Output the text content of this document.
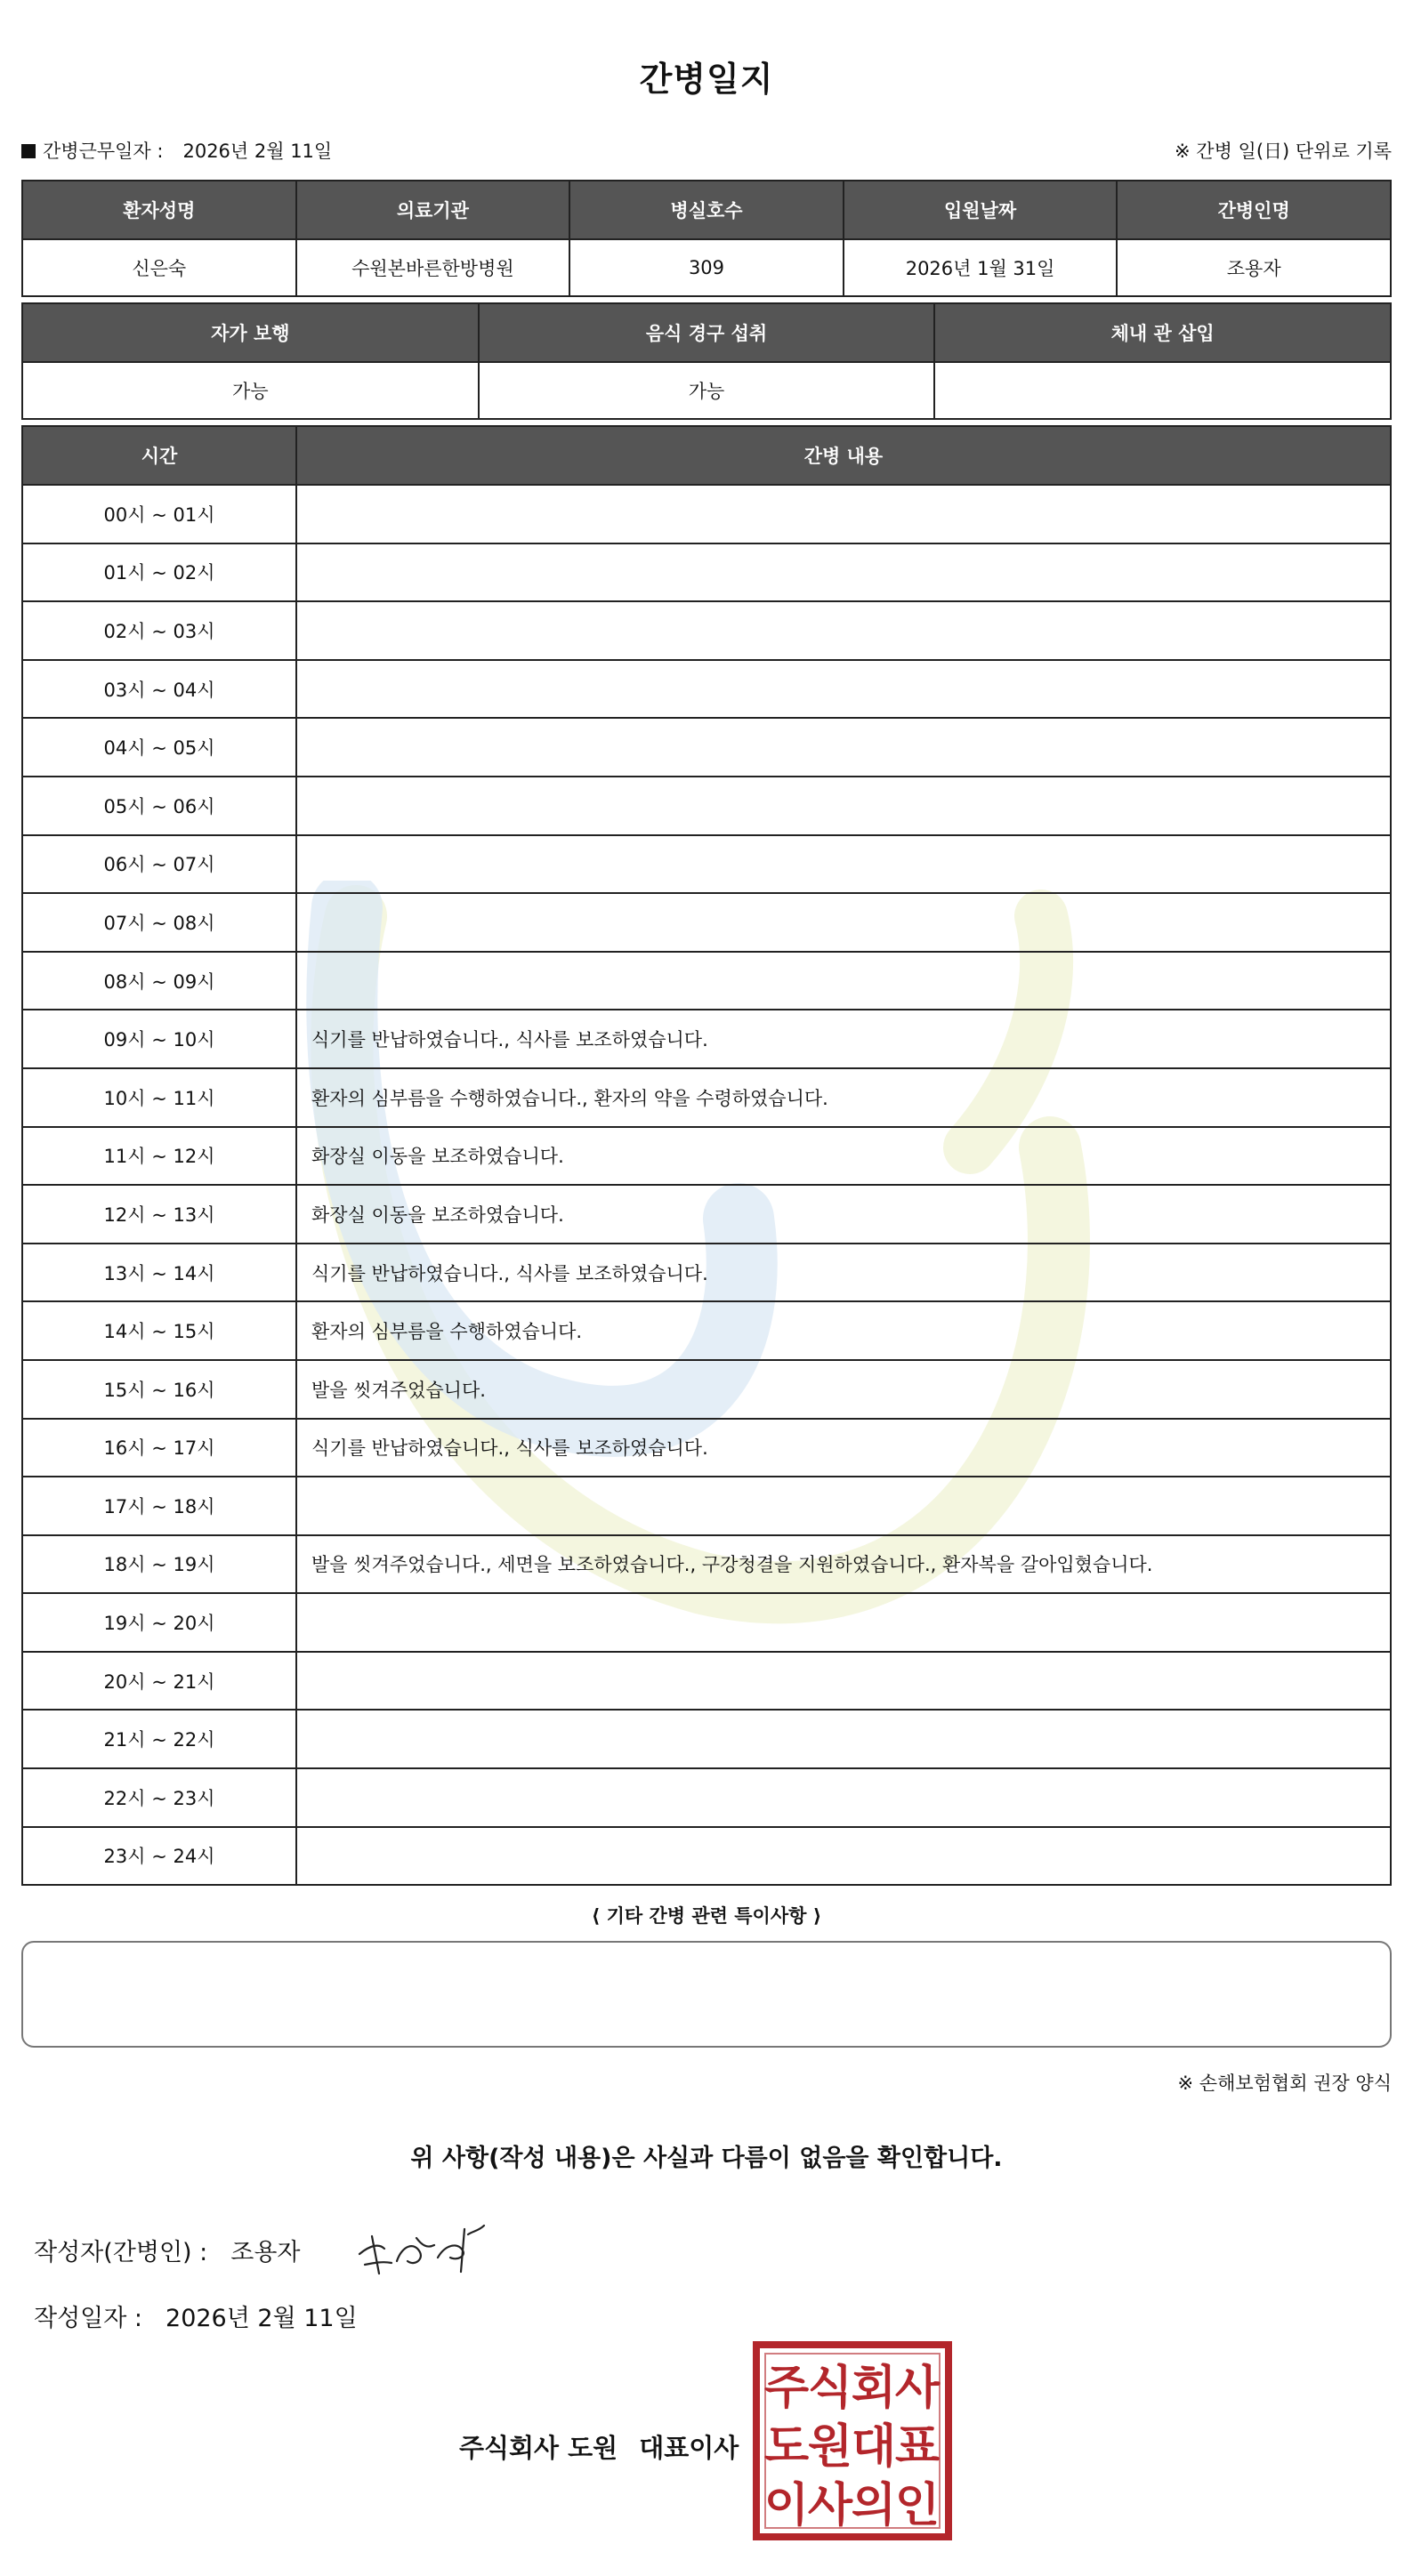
간병일지
간병근무일자 : 2026년 2월 11일	※ 간병 일(日) 단위로 기록
환자성명	의료기관	병실호수	입원날짜	간병인명
신은숙	수원본바른한방병원	309	2026년 1월 31일	조용자
자가 보행	음식 경구 섭취	체내 관 삽입
가능	가능	
시간	간병 내용
00시 ~ 01시	
01시 ~ 02시	
02시 ~ 03시	
03시 ~ 04시	
04시 ~ 05시	
05시 ~ 06시	
06시 ~ 07시	
07시 ~ 08시	
08시 ~ 09시	
09시 ~ 10시	식기를 반납하였습니다., 식사를 보조하였습니다.
10시 ~ 11시	환자의 심부름을 수행하였습니다., 환자의 약을 수령하였습니다.
11시 ~ 12시	화장실 이동을 보조하였습니다.
12시 ~ 13시	화장실 이동을 보조하였습니다.
13시 ~ 14시	식기를 반납하였습니다., 식사를 보조하였습니다.
14시 ~ 15시	환자의 심부름을 수행하였습니다.
15시 ~ 16시	발을 씻겨주었습니다.
16시 ~ 17시	식기를 반납하였습니다., 식사를 보조하였습니다.
17시 ~ 18시	
18시 ~ 19시	발을 씻겨주었습니다., 세면을 보조하였습니다., 구강청결을 지원하였습니다., 환자복을 갈아입혔습니다.
19시 ~ 20시	
20시 ~ 21시	
21시 ~ 22시	
22시 ~ 23시	
23시 ~ 24시	
⟨ 기타 간병 관련 특이사항 ⟩
※ 손해보험협회 권장 양식
위 사항(작성 내용)은 사실과 다름이 없음을 확인합니다.
작성자(간병인) : 조용자
작성일자 : 2026년 2월 11일
주식회사 도원 대표이사
주
식
회
사
도
원
대
표
이
사
의
인
